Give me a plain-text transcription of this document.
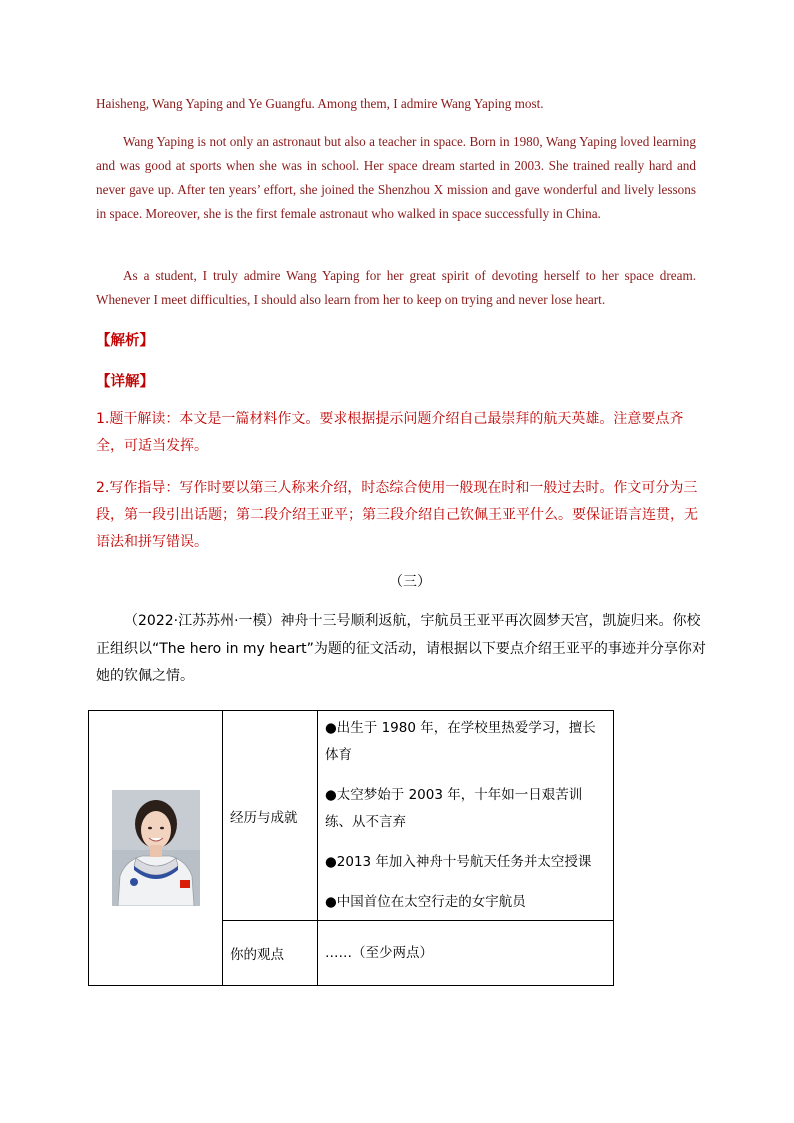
Haisheng, Wang Yaping and Ye Guangfu. Among them, I admire Wang Yaping most.

Wang Yaping is not only an astronaut but also a teacher in space. Born in 1980, Wang Yaping loved learning and was good at sports when she was in school. Her space dream started in 2003. She trained really hard and never gave up. After ten years’ effort, she joined the Shenzhou X mission and gave wonderful and lively lessons in space. Moreover, she is the first female astronaut who walked in space successfully in China.

As a student, I truly admire Wang Yaping for her great spirit of devoting herself to her space dream. Whenever I meet difficulties, I should also learn from her to keep on trying and never lose heart.

【解析】

【详解】

1.题干解读：本文是一篇材料作文。要求根据提示问题介绍自己最崇拜的航天英雄。注意要点齐全，可适当发挥。

2.写作指导：写作时要以第三人称来介绍，时态综合使用一般现在时和一般过去时。作文可分为三段，第一段引出话题；第二段介绍王亚平；第三段介绍自己钦佩王亚平什么。要保证语言连贯，无语法和拼写错误。

（三）

（2022·江苏苏州·一模）神舟十三号顺利返航，宇航员王亚平再次圆梦天宫，凯旋归来。你校正组织以“The hero in my heart”为题的征文活动，请根据以下要点介绍王亚平的事迹并分享你对她的钦佩之情。

	经历与成就	●出生于 1980 年，在学校里热爱学习，擅长体育

●太空梦始于 2003 年，十年如一日艰苦训练、从不言弃

●2013 年加入神舟十号航天任务并太空授课

●中国首位在太空行走的女宇航员

	你的观点	……（至少两点）
